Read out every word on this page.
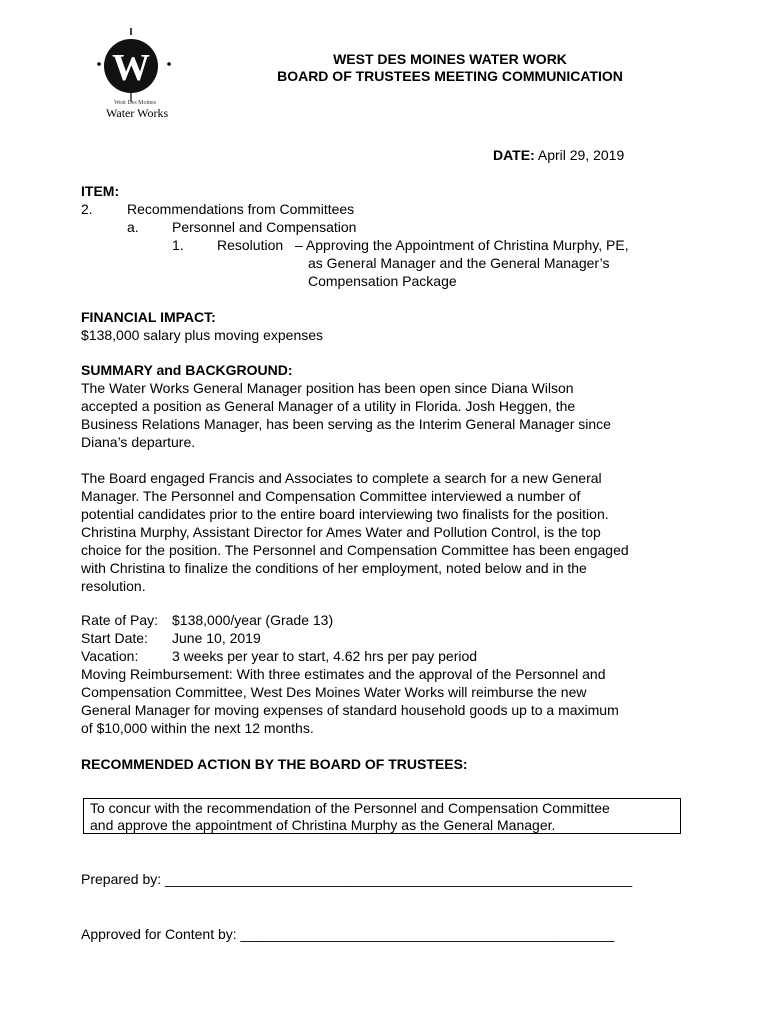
W
West Des Moines
Water Works
WEST DES MOINES WATER WORK
BOARD OF TRUSTEES MEETING COMMUNICATION
DATE: April 29, 2019
ITEM:
2. Recommendations from Committees
a. Personnel and Compensation
1. Resolution – Approving the Appointment of Christina Murphy, PE,
as General Manager and the General Manager’s
Compensation Package
FINANCIAL IMPACT:
$138,000 salary plus moving expenses
SUMMARY and BACKGROUND:
The Water Works General Manager position has been open since Diana Wilson
accepted a position as General Manager of a utility in Florida. Josh Heggen, the
Business Relations Manager, has been serving as the Interim General Manager since
Diana’s departure.
The Board engaged Francis and Associates to complete a search for a new General
Manager. The Personnel and Compensation Committee interviewed a number of
potential candidates prior to the entire board interviewing two finalists for the position.
Christina Murphy, Assistant Director for Ames Water and Pollution Control, is the top
choice for the position. The Personnel and Compensation Committee has been engaged
with Christina to finalize the conditions of her employment, noted below and in the
resolution.
Rate of Pay: $138,000/year (Grade 13)
Start Date: June 10, 2019
Vacation: 3 weeks per year to start, 4.62 hrs per pay period
Moving Reimbursement: With three estimates and the approval of the Personnel and
Compensation Committee, West Des Moines Water Works will reimburse the new
General Manager for moving expenses of standard household goods up to a maximum
of $10,000 within the next 12 months.
RECOMMENDED ACTION BY THE BOARD OF TRUSTEES:
To concur with the recommendation of the Personnel and Compensation Committee
and approve the appointment of Christina Murphy as the General Manager.
Prepared by: ____________________________________________________________
Approved for Content by: ________________________________________________
